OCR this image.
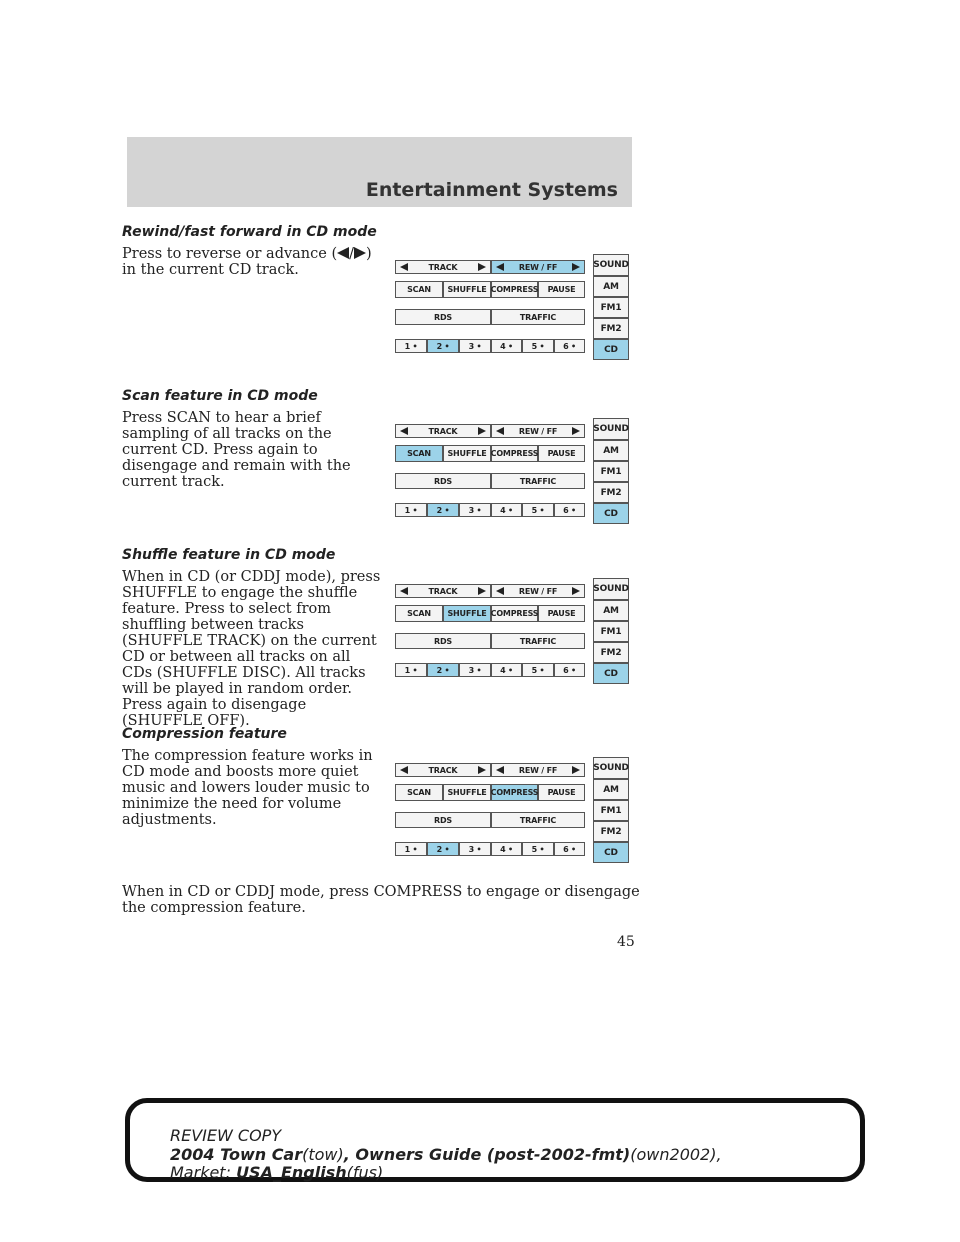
Entertainment Systems
Rewind/fast forward in CD mode

Press to reverse or advance ( / ) in the current CD track.

Scan feature in CD mode

Press SCAN to hear a brief sampling of all tracks on the current CD. Press again to disengage and remain with the current track.

Shuffle feature in CD mode

When in CD (or CDDJ mode), press SHUFFLE to engage the shuffle feature. Press to select from shuffling between tracks (SHUFFLE TRACK) on the current CD or between all tracks on all CDs (SHUFFLE DISC). All tracks will be played in random order. Press again to disengage (SHUFFLE OFF).

Compression feature

The compression feature works in CD mode and boosts more quiet music and lowers louder music to minimize the need for volume adjustments.

When in CD or CDDJ mode, press COMPRESS to engage or disengage the compression feature.
45
TRACK	REW / FF
SCAN	SHUFFLE COMPRESS	PAUSE
RDS	TRAFFIC
1 •	2 •	3 •	4 •	5 •	6 •
SOUND
AM
FM1
FM2
CD
TRACK	REW / FF
SCAN	SHUFFLE COMPRESS	PAUSE
RDS	TRAFFIC
1 •	2 •	3 •	4 •	5 •	6 •
SOUND
AM
FM1
FM2
CD
TRACK	REW / FF
SCAN	SHUFFLE COMPRESS	PAUSE
RDS	TRAFFIC
1 •	2 •	3 •	4 •	5 •	6 •
SOUND
AM
FM1
FM2
CD
TRACK	REW / FF
SCAN	SHUFFLE COMPRESS	PAUSE
RDS	TRAFFIC
1 •	2 •	3 •	4 •	5 •	6 •
SOUND
AM
FM1
FM2
CD
REVIEW COPY
2004 Town Car(tow), Owners Guide (post-2002-fmt)(own2002),
Market: USA_English(fus)
